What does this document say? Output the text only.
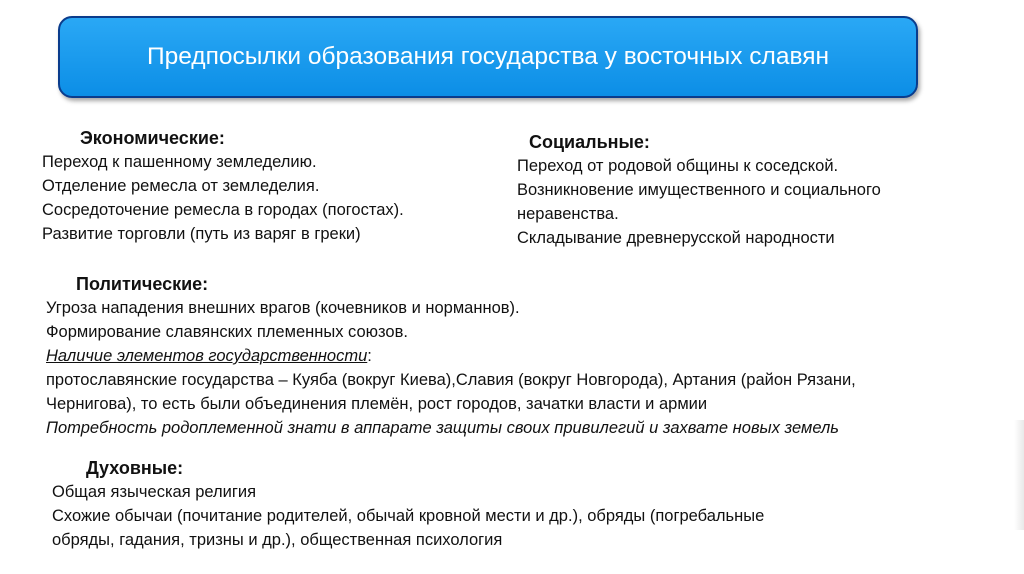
Предпосылки образования государства у восточных славян
Экономические:
Переход к пашенному земледелию.
Отделение ремесла от земледелия.
Сосредоточение ремесла в городах (погостах).
Развитие торговли (путь из варяг в греки)
Социальные:
Переход от родовой общины к соседской.
Возникновение имущественного и социального
неравенства.
Складывание древнерусской народности
Политические:
Угроза нападения внешних врагов (кочевников и норманнов).
Формирование славянских племенных союзов.
Наличие элементов государственности:
протославянские государства – Куяба (вокруг Киева),Славия (вокруг Новгорода), Артания (район Рязани,
Чернигова), то есть были объединения племён, рост городов, зачатки власти и армии
Потребность родоплеменной знати в аппарате защиты своих привилегий и захвате новых земель
Духовные:
Общая языческая религия
Схожие обычаи (почитание родителей, обычай кровной мести и др.), обряды (погребальные
обряды, гадания, тризны и др.), общественная психология
